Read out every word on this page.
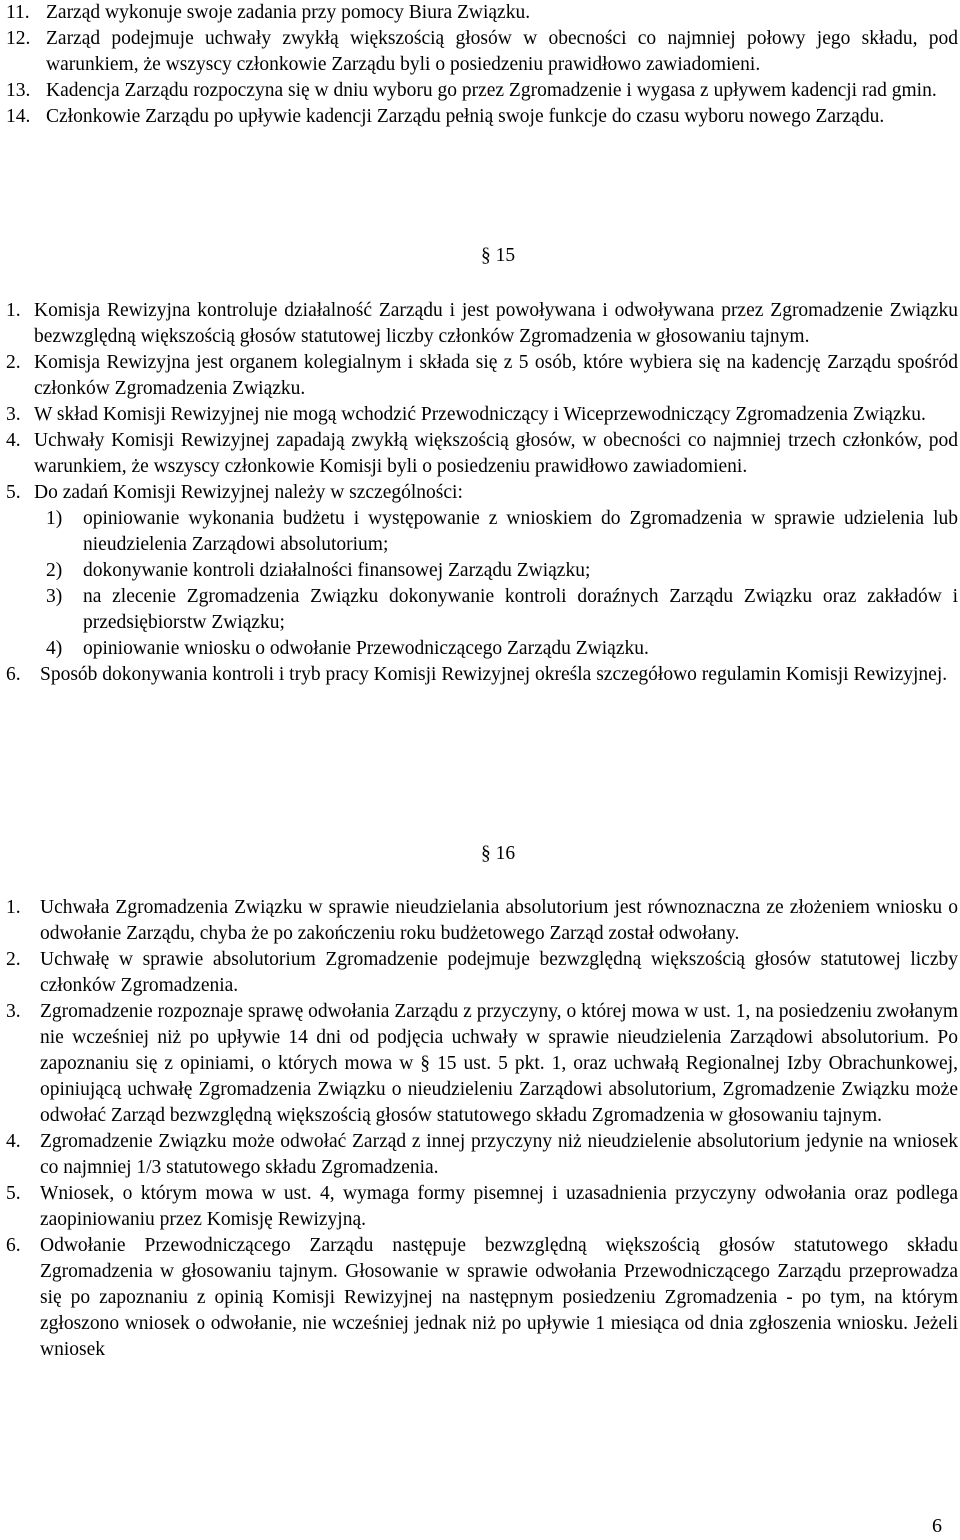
11. Zarząd wykonuje swoje zadania przy pomocy Biura Związku.
12. Zarząd podejmuje uchwały zwykłą większością głosów w obecności co najmniej połowy jego składu, pod warunkiem, że wszyscy członkowie Zarządu byli o posiedzeniu prawidłowo zawiadomieni.
13. Kadencja Zarządu rozpoczyna się w dniu wyboru go przez Zgromadzenie i wygasa z upływem kadencji rad gmin.
14. Członkowie Zarządu po upływie kadencji Zarządu pełnią swoje funkcje do czasu wyboru nowego Zarządu.
§ 15
1. Komisja Rewizyjna kontroluje działalność Zarządu i jest powoływana i odwoływana przez Zgromadzenie Związku bezwzględną większością głosów statutowej liczby członków Zgromadzenia w głosowaniu tajnym.
2. Komisja Rewizyjna jest organem kolegialnym i składa się z 5 osób, które wybiera się na kadencję Zarządu spośród członków Zgromadzenia Związku.
3. W skład Komisji Rewizyjnej nie mogą wchodzić Przewodniczący i Wiceprzewodniczący Zgromadzenia Związku.
4. Uchwały Komisji Rewizyjnej zapadają zwykłą większością głosów, w obecności co najmniej trzech członków, pod warunkiem, że wszyscy członkowie Komisji byli o posiedzeniu prawidłowo zawiadomieni.
5. Do zadań Komisji Rewizyjnej należy w szczególności:
1)	opiniowanie wykonania budżetu i występowanie z wnioskiem do Zgromadzenia w sprawie udzielenia lub nieudzielenia Zarządowi absolutorium;
2)	dokonywanie kontroli działalności finansowej Zarządu Związku;
3)	na zlecenie Zgromadzenia Związku dokonywanie kontroli doraźnych Zarządu Związku oraz zakładów i przedsiębiorstw Związku;
4)	opiniowanie wniosku o odwołanie Przewodniczącego Zarządu Związku.
6. Sposób dokonywania kontroli i tryb pracy Komisji Rewizyjnej określa szczegółowo regulamin Komisji Rewizyjnej.
§ 16
1. Uchwała Zgromadzenia Związku w sprawie nieudzielania absolutorium jest równoznaczna ze złożeniem wniosku o odwołanie Zarządu, chyba że po zakończeniu roku budżetowego Zarząd został odwołany.
2. Uchwałę w sprawie absolutorium Zgromadzenie podejmuje bezwzględną większością głosów statutowej liczby członków Zgromadzenia.
3. Zgromadzenie rozpoznaje sprawę odwołania Zarządu z przyczyny, o której mowa w ust. 1, na posiedzeniu zwołanym nie wcześniej niż po upływie 14 dni od podjęcia uchwały w sprawie nieudzielenia Zarządowi absolutorium. Po zapoznaniu się z opiniami, o których mowa w § 15 ust. 5 pkt. 1, oraz uchwałą Regionalnej Izby Obrachunkowej, opiniującą uchwałę Zgromadzenia Związku o nieudzieleniu Zarządowi absolutorium, Zgromadzenie Związku może odwołać Zarząd bezwzględną większością głosów statutowego składu Zgromadzenia w głosowaniu tajnym.
4. Zgromadzenie Związku może odwołać Zarząd z innej przyczyny niż nieudzielenie absolutorium jedynie na wniosek co najmniej 1/3 statutowego składu Zgromadzenia.
5. Wniosek, o którym mowa w ust. 4, wymaga formy pisemnej i uzasadnienia przyczyny odwołania oraz podlega zaopiniowaniu przez Komisję Rewizyjną.
6. Odwołanie Przewodniczącego Zarządu następuje bezwzględną większością głosów statutowego składu Zgromadzenia w głosowaniu tajnym. Głosowanie w sprawie odwołania Przewodniczącego Zarządu przeprowadza się po zapoznaniu z opinią Komisji Rewizyjnej na następnym posiedzeniu Zgromadzenia - po tym, na którym zgłoszono wniosek o odwołanie, nie wcześniej jednak niż po upływie 1 miesiąca od dnia zgłoszenia wniosku. Jeżeli wniosek
6
